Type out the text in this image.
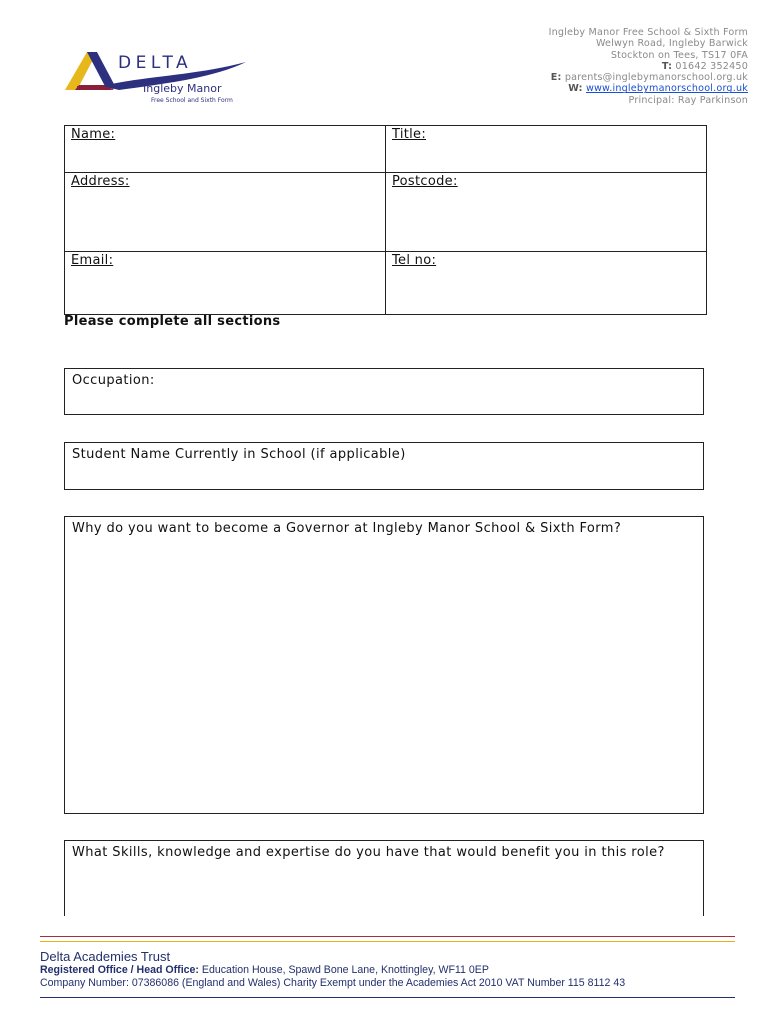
DELTA
Ingleby Manor
Free School and Sixth Form
Ingleby Manor Free School & Sixth Form
Welwyn Road, Ingleby Barwick
Stockton on Tees, TS17 0FA
T: 01642 352450
E: parents@inglebymanorschool.org.uk
W: www.inglebymanorschool.org.uk
Principal: Ray Parkinson
Name:	Title:
Address:	Postcode:
Email:	Tel no:
Please complete all sections
Occupation:
Student Name Currently in School (if applicable)
Why do you want to become a Governor at Ingleby Manor School & Sixth Form?
What Skills, knowledge and expertise do you have that would benefit you in this role?
Delta Academies Trust
Registered Office / Head Office: Education House, Spawd Bone Lane, Knottingley, WF11 0EP
Company Number: 07386086 (England and Wales) Charity Exempt under the Academies Act 2010 VAT Number 115 8112 43
